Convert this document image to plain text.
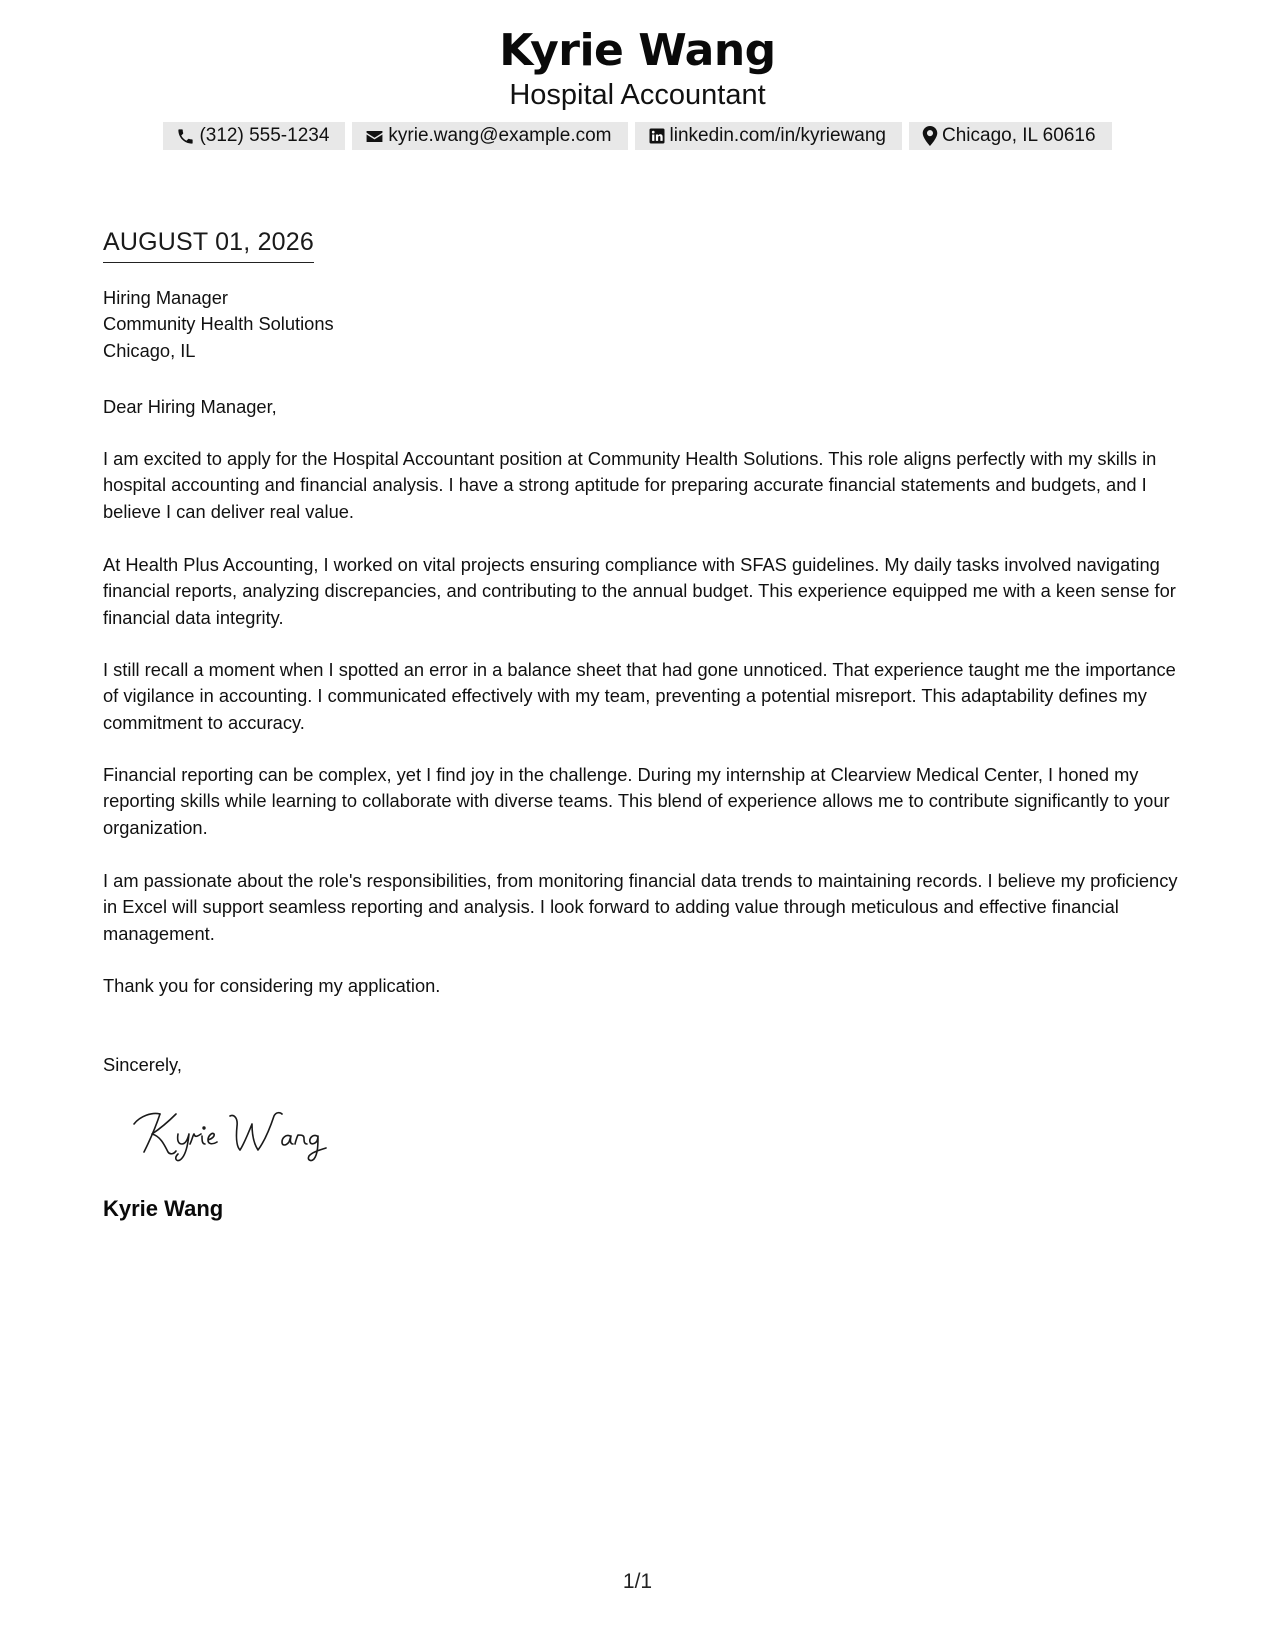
Kyrie Wang
Hospital Accountant
(312) 555-1234	kyrie.wang@example.com	linkedin.com/in/kyriewang	Chicago, IL 60616
AUGUST 01, 2026
Hiring Manager
Community Health Solutions
Chicago, IL
Dear Hiring Manager,

I am excited to apply for the Hospital Accountant position at Community Health Solutions. This role aligns perfectly with my skills in hospital accounting and financial analysis. I have a strong aptitude for preparing accurate financial statements and budgets, and I believe I can deliver real value.

At Health Plus Accounting, I worked on vital projects ensuring compliance with SFAS guidelines. My daily tasks involved navigating financial reports, analyzing discrepancies, and contributing to the annual budget. This experience equipped me with a keen sense for financial data integrity.

I still recall a moment when I spotted an error in a balance sheet that had gone unnoticed. That experience taught me the importance of vigilance in accounting. I communicated effectively with my team, preventing a potential misreport. This adaptability defines my commitment to accuracy.

Financial reporting can be complex, yet I find joy in the challenge. During my internship at Clearview Medical Center, I honed my reporting skills while learning to collaborate with diverse teams. This blend of experience allows me to contribute significantly to your organization.

I am passionate about the role's responsibilities, from monitoring financial data trends to maintaining records. I believe my proficiency in Excel will support seamless reporting and analysis. I look forward to adding value through meticulous and effective financial management.

Thank you for considering my application.
Sincerely,
Kyrie Wang
1/1
